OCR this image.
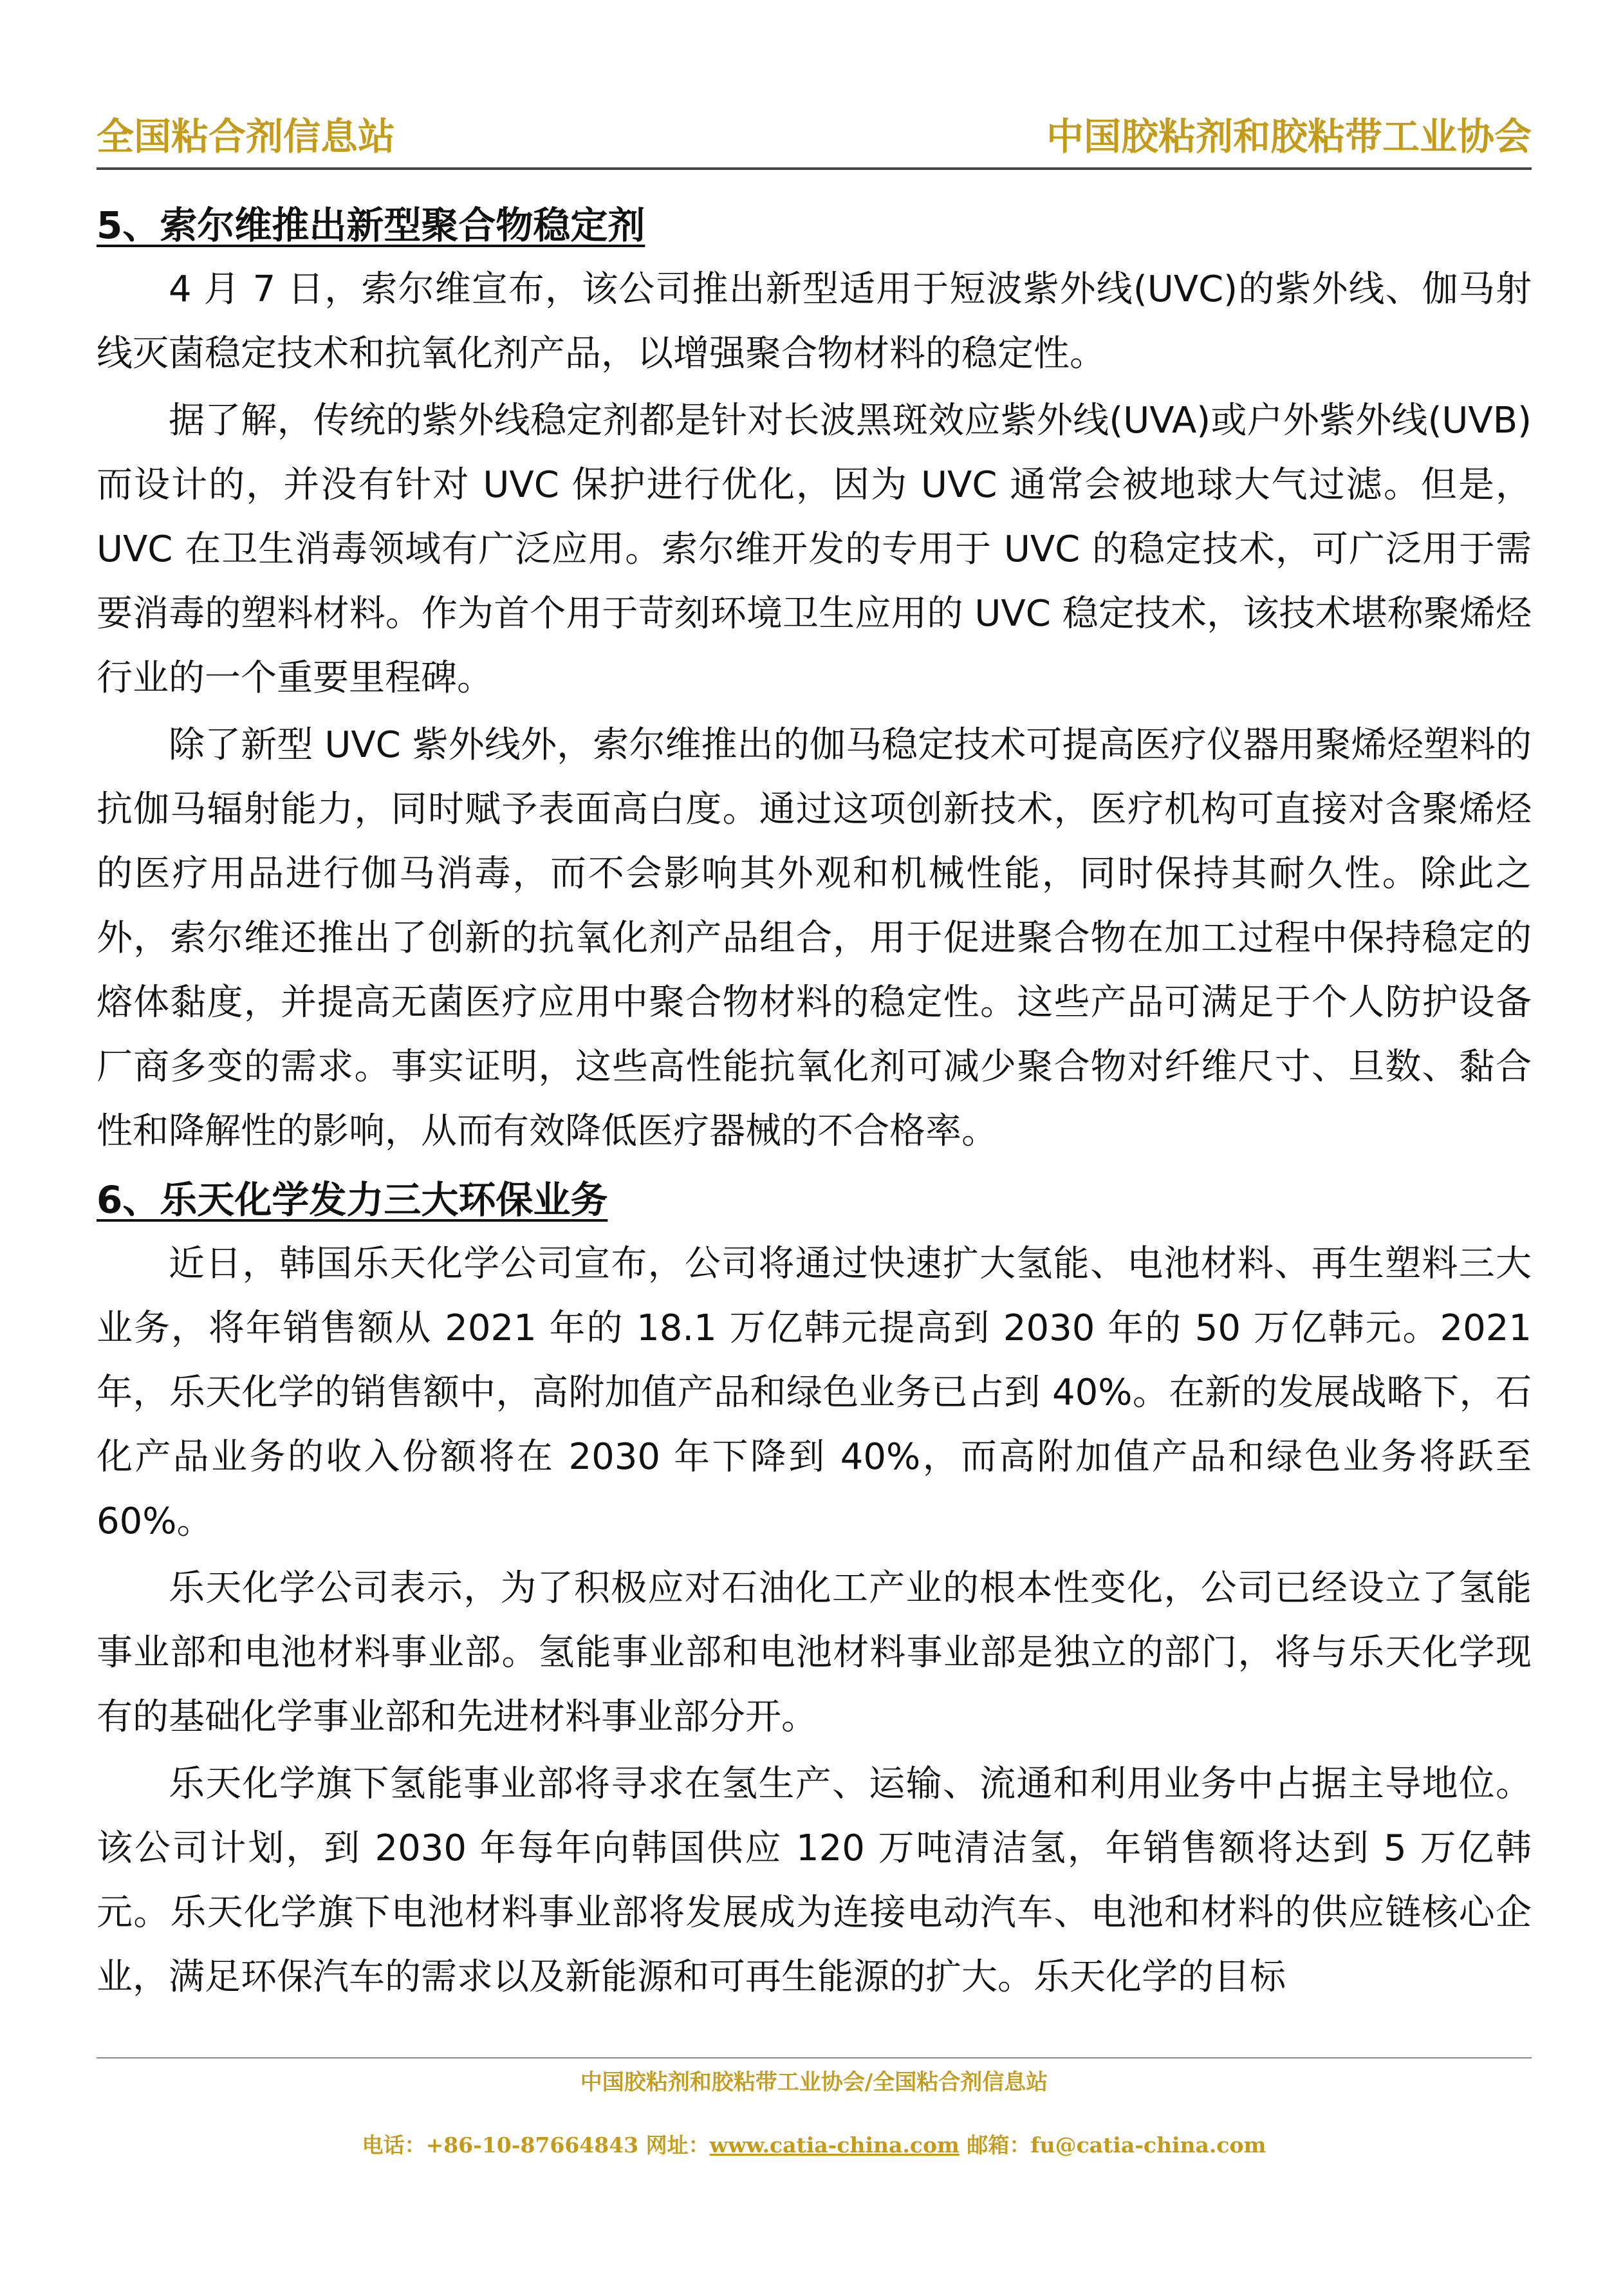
全国粘合剂信息站	中国胶粘剂和胶粘带工业协会
5、索尔维推出新型聚合物稳定剂

4 月 7 日，索尔维宣布，该公司推出新型适用于短波紫外线(UVC)的紫外线、伽马射线灭菌稳定技术和抗氧化剂产品，以增强聚合物材料的稳定性。

据了解，传统的紫外线稳定剂都是针对长波黑斑效应紫外线(UVA)或户外紫外线(UVB)而设计的，并没有针对 UVC 保护进行优化，因为 UVC 通常会被地球大气过滤。但是，UVC 在卫生消毒领域有广泛应用。索尔维开发的专用于 UVC 的稳定技术，可广泛用于需要消毒的塑料材料。作为首个用于苛刻环境卫生应用的 UVC 稳定技术，该技术堪称聚烯烃行业的一个重要里程碑。

除了新型 UVC 紫外线外，索尔维推出的伽马稳定技术可提高医疗仪器用聚烯烃塑料的抗伽马辐射能力，同时赋予表面高白度。通过这项创新技术，医疗机构可直接对含聚烯烃的医疗用品进行伽马消毒，而不会影响其外观和机械性能，同时保持其耐久性。除此之外，索尔维还推出了创新的抗氧化剂产品组合，用于促进聚合物在加工过程中保持稳定的熔体黏度，并提高无菌医疗应用中聚合物材料的稳定性。这些产品可满足于个人防护设备厂商多变的需求。事实证明，这些高性能抗氧化剂可减少聚合物对纤维尺寸、旦数、黏合性和降解性的影响，从而有效降低医疗器械的不合格率。

6、乐天化学发力三大环保业务

近日，韩国乐天化学公司宣布，公司将通过快速扩大氢能、电池材料、再生塑料三大业务，将年销售额从 2021 年的 18.1 万亿韩元提高到 2030 年的 50 万亿韩元。2021 年，乐天化学的销售额中，高附加值产品和绿色业务已占到 40%。在新的发展战略下，石化产品业务的收入份额将在 2030 年下降到 40%，而高附加值产品和绿色业务将跃至 60%。

乐天化学公司表示，为了积极应对石油化工产业的根本性变化，公司已经设立了氢能事业部和电池材料事业部。氢能事业部和电池材料事业部是独立的部门，将与乐天化学现有的基础化学事业部和先进材料事业部分开。

乐天化学旗下氢能事业部将寻求在氢生产、运输、流通和利用业务中占据主导地位。该公司计划，到 2030 年每年向韩国供应 120 万吨清洁氢，年销售额将达到 5 万亿韩元。乐天化学旗下电池材料事业部将发展成为连接电动汽车、电池和材料的供应链核心企业，满足环保汽车的需求以及新能源和可再生能源的扩大。乐天化学的目标

中国胶粘剂和胶粘带工业协会/全国粘合剂信息站
电话：+86-10-87664843 网址：www.catia-china.com 邮箱：fu@catia-china.com
